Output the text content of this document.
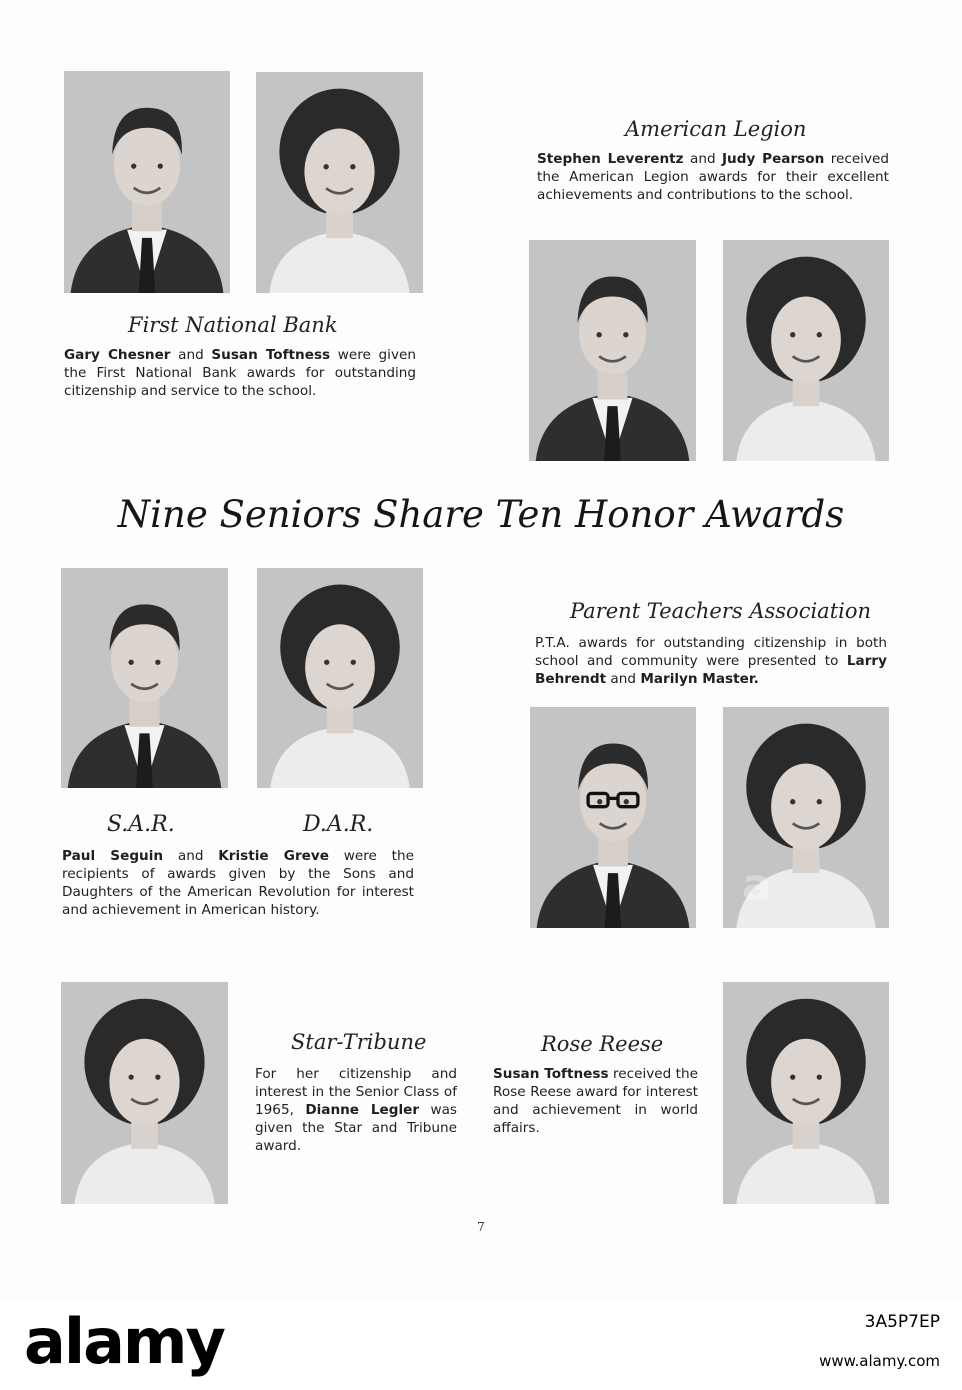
First National Bank

Gary Chesner and Susan Toftness were given the First National Bank awards for outstanding citizenship and service to the school.

American Legion

Stephen Leverentz and Judy Pearson received the American Legion awards for their excellent achievements and contributions to the school.

Nine Seniors Share Ten Honor Awards
Parent Teachers Association

P.T.A. awards for outstanding citizenship in both school and community were presented to Larry Behrendt and Marilyn Master.

S.A.R.	D.A.R.

Paul Seguin and Kristie Greve were the recipients of awards given by the Sons and Daughters of the American Revolution for interest and achievement in American history.

Star-Tribune

For her citizenship and interest in the Senior Class of 1965, Dianne Legler was given the Star and Tribune award.

Rose Reese

Susan Toftness received the Rose Reese award for interest and achievement in world affairs.

7
a
alamy	3A5P7EP
www.alamy.com
